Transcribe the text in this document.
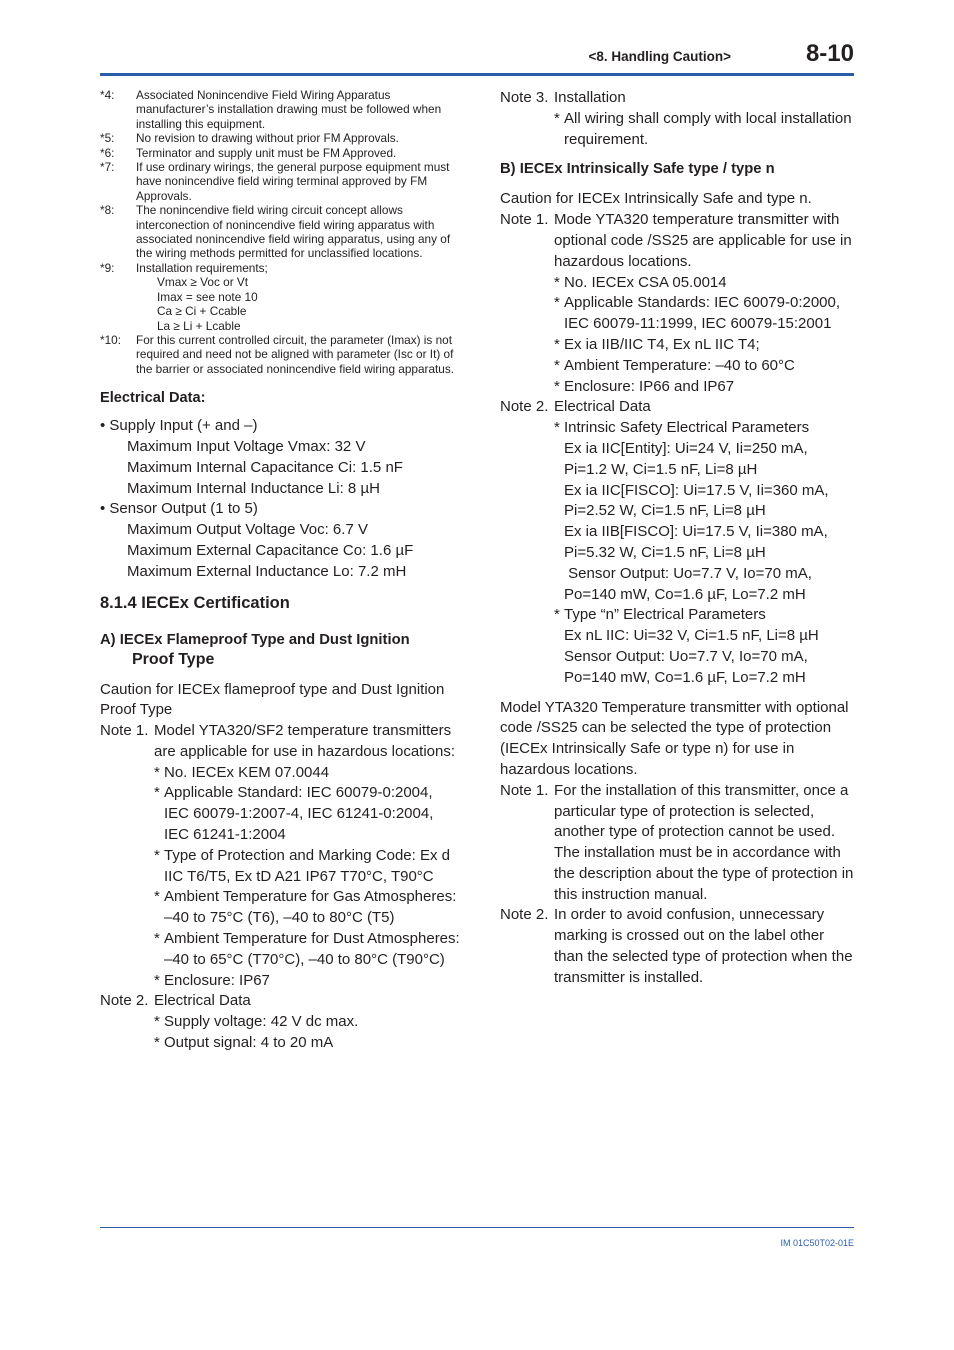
<8. Handling Caution>	8-10
*4: Associated Nonincendive Field Wiring Apparatus manufacturer’s installation drawing must be followed when installing this equipment.
*5: No revision to drawing without prior FM Approvals.
*6: Terminator and supply unit must be FM Approved.
*7: If use ordinary wirings, the general purpose equipment must have nonincendive field wiring terminal approved by FM Approvals.
*8: The nonincendive field wiring circuit concept allows interconection of nonincendive field wiring apparatus with associated nonincendive field wiring apparatus, using any of the wiring methods permitted for unclassified locations.
*9: Installation requirements;
Vmax ≥ Voc or Vt
Imax = see note 10
Ca ≥ Ci + Ccable
La ≥ Li + Lcable
*10: For this current controlled circuit, the parameter (Imax) is not required and need not be aligned with parameter (Isc or It) of the barrier or associated nonincendive field wiring apparatus.
Electrical Data:
• Supply Input (+ and –)
Maximum Input Voltage Vmax: 32 V
Maximum Internal Capacitance Ci: 1.5 nF
Maximum Internal Inductance Li: 8 µH
• Sensor Output (1 to 5)
Maximum Output Voltage Voc: 6.7 V
Maximum External Capacitance Co: 1.6 µF
Maximum External Inductance Lo: 7.2 mH
8.1.4 IECEx Certification
A) IECEx Flameproof Type and Dust Ignition
Proof Type
Caution for IECEx flameproof type and Dust Ignition Proof Type
Note 1. Model YTA320/SF2 temperature transmitters are applicable for use in hazardous locations:
* No. IECEx KEM 07.0044
* Applicable Standard: IEC 60079-0:2004, IEC 60079-1:2007-4, IEC 61241-0:2004, IEC 61241-1:2004
* Type of Protection and Marking Code: Ex d IIC T6/T5, Ex tD A21 IP67 T70°C, T90°C
* Ambient Temperature for Gas Atmospheres:
–40 to 75°C (T6), –40 to 80°C (T5)
* Ambient Temperature for Dust Atmospheres:
–40 to 65°C (T70°C), –40 to 80°C (T90°C)
* Enclosure: IP67
Note 2. Electrical Data
* Supply voltage: 42 V dc max.
* Output signal: 4 to 20 mA
Note 3. Installation
* All wiring shall comply with local installation requirement.
B) IECEx Intrinsically Safe type / type n
Caution for IECEx Intrinsically Safe and type n.
Note 1. Mode YTA320 temperature transmitter with optional code /SS25 are applicable for use in hazardous locations.
* No. IECEx CSA 05.0014
* Applicable Standards: IEC 60079-0:2000, IEC 60079-11:1999, IEC 60079-15:2001
* Ex ia IIB/IIC T4, Ex nL IIC T4;
* Ambient Temperature: –40 to 60°C
* Enclosure: IP66 and IP67
Note 2. Electrical Data
* Intrinsic Safety Electrical Parameters
Ex ia IIC[Entity]: Ui=24 V, Ii=250 mA,
Pi=1.2 W, Ci=1.5 nF, Li=8 µH
Ex ia IIC[FISCO]: Ui=17.5 V, Ii=360 mA,
Pi=2.52 W, Ci=1.5 nF, Li=8 µH
Ex ia IIB[FISCO]: Ui=17.5 V, Ii=380 mA,
Pi=5.32 W, Ci=1.5 nF, Li=8 µH
Sensor Output: Uo=7.7 V, Io=70 mA,
Po=140 mW, Co=1.6 µF, Lo=7.2 mH
* Type “n” Electrical Parameters
Ex nL IIC: Ui=32 V, Ci=1.5 nF, Li=8 µH
Sensor Output: Uo=7.7 V, Io=70 mA,
Po=140 mW, Co=1.6 µF, Lo=7.2 mH
Model YTA320 Temperature transmitter with optional code /SS25 can be selected the type of protection (IECEx Intrinsically Safe or type n) for use in hazardous locations.
Note 1. For the installation of this transmitter, once a particular type of protection is selected, another type of protection cannot be used. The installation must be in accordance with the description about the type of protection in this instruction manual.
Note 2. In order to avoid confusion, unnecessary marking is crossed out on the label other than the selected type of protection when the transmitter is installed.
IM 01C50T02-01E
